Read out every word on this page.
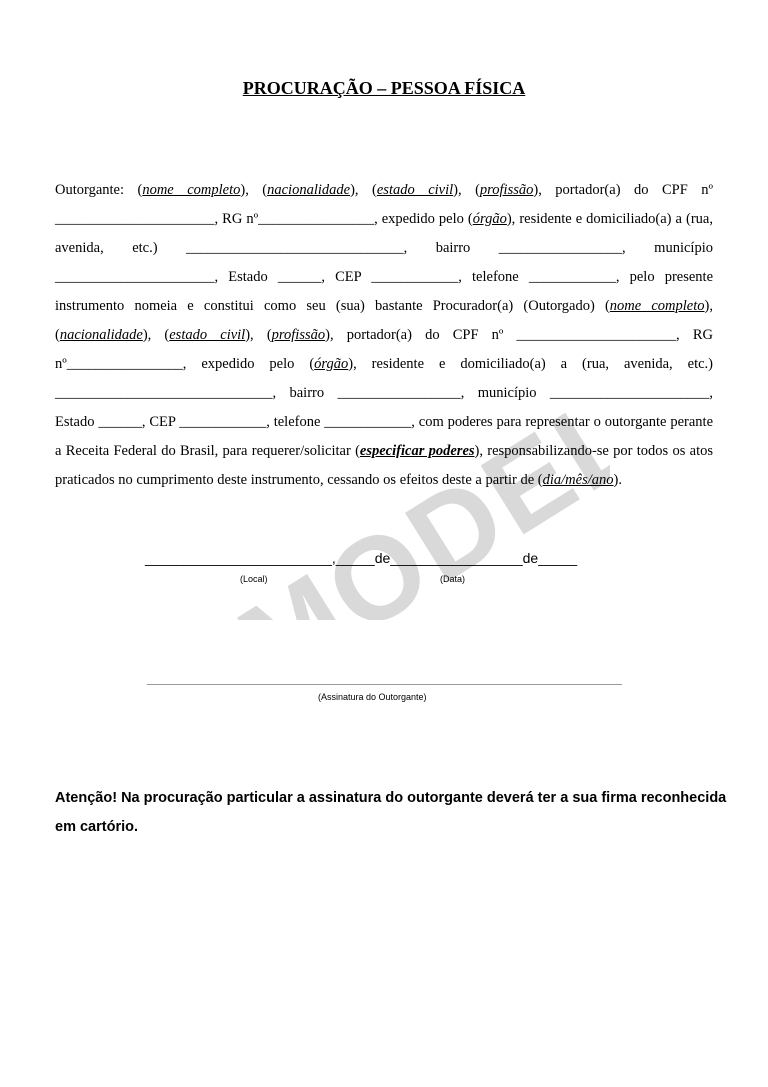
PROCURAÇÃO – PESSOA FÍSICA
MODELO

Outorgante: (nome completo), (nacionalidade), (estado civil), (profissão), portador(a) do CPF nº ______________________, RG nº________________, expedido pelo (órgão), residente e domiciliado(a) a (rua, avenida, etc.) ______________________________, bairro _________________, município ______________________, Estado ______, CEP ____________, telefone ____________, pelo presente instrumento nomeia e constitui como seu (sua) bastante Procurador(a) (Outorgado) (nome completo), (nacionalidade), (estado civil), (profissão), portador(a) do CPF nº ______________________, RG nº________________, expedido pelo (órgão), residente e domiciliado(a) a (rua, avenida, etc.) ______________________________, bairro _________________, município ______________________, Estado ______, CEP ____________, telefone ____________, com poderes para representar o outorgante perante a Receita Federal do Brasil, para requerer/solicitar (especificar poderes), responsabilizando-se por todos os atos praticados no cumprimento deste instrumento, cessando os efeitos deste a partir de (dia/mês/ano).

________________________,_____de_________________de_____
(Local)	(Data)
(Assinatura do Outorgante)
Atenção! Na procuração particular a assinatura do outorgante deverá ter a sua firma reconhecida em cartório.
